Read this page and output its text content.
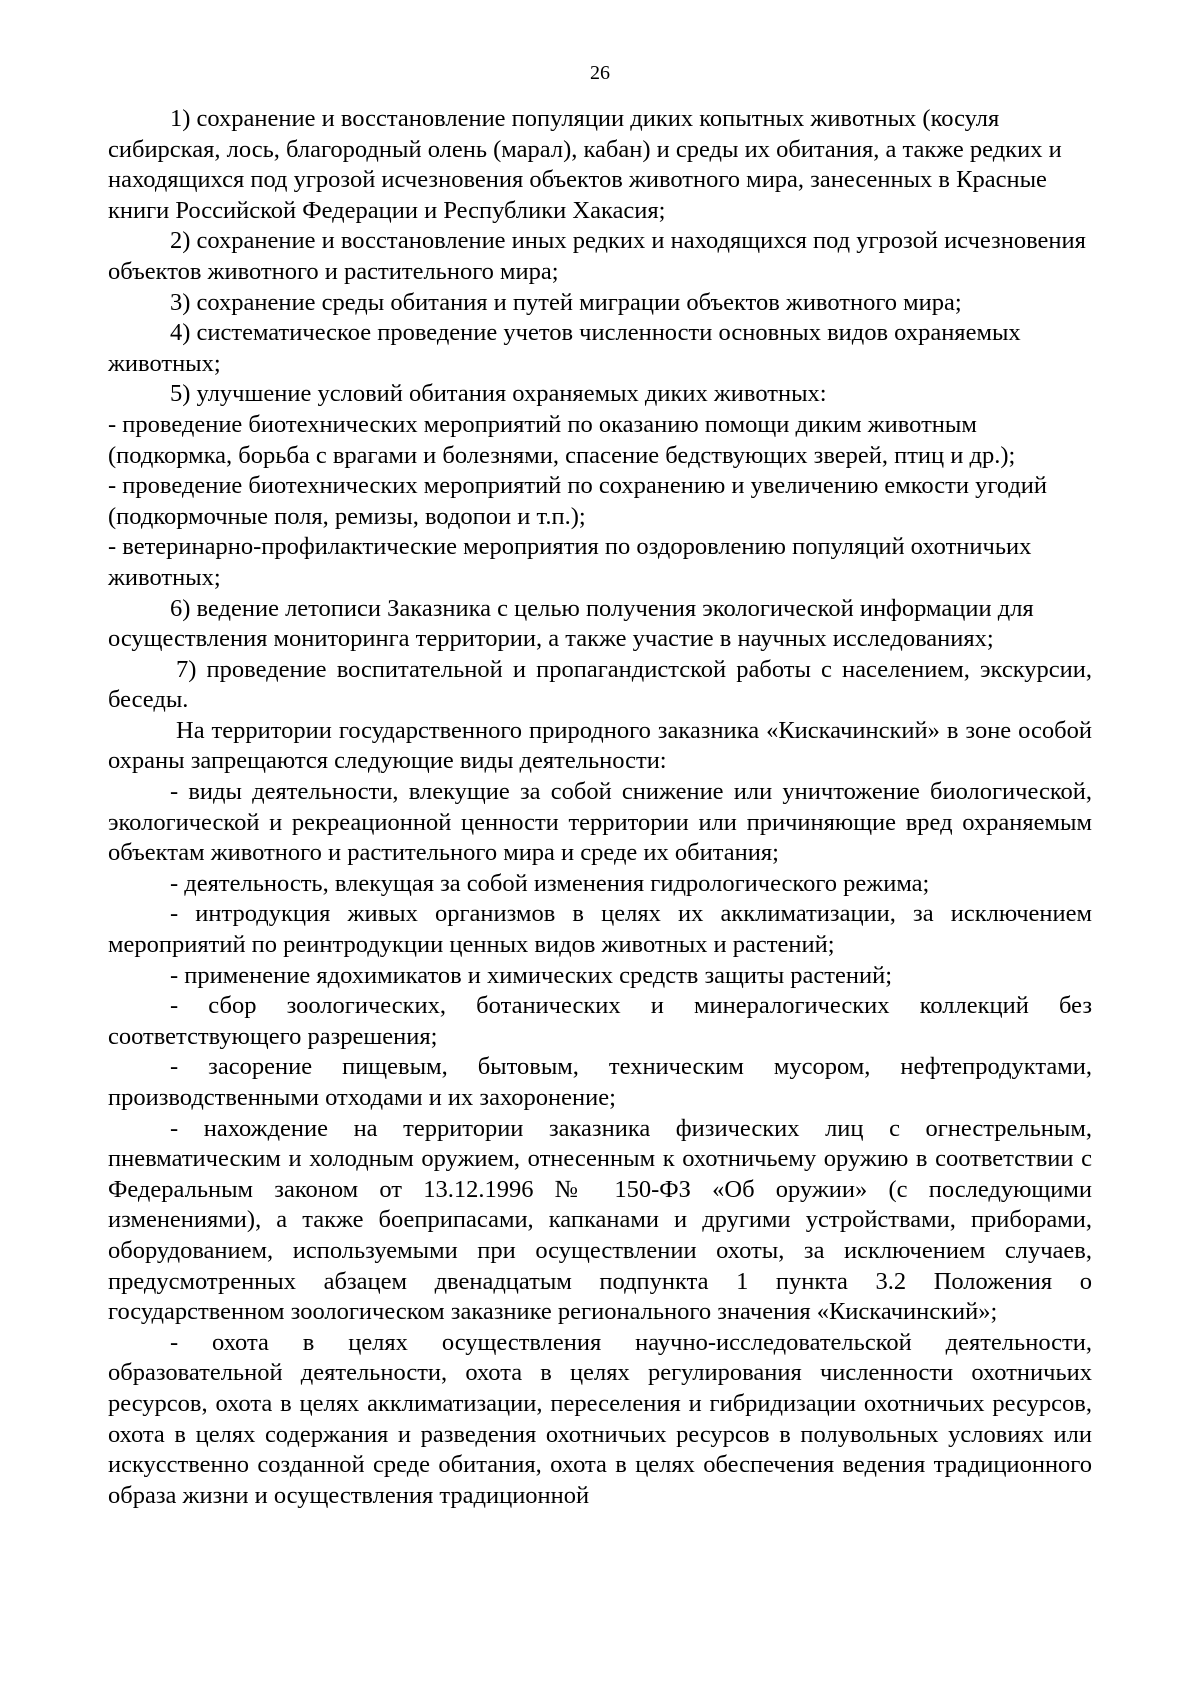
26

1) сохранение и восстановление популяции диких копытных животных (косуля сибирская, лось, благородный олень (марал), кабан) и среды их обитания, а также редких и находящихся под угрозой исчезновения объектов животного мира, занесенных в Красные книги Российской Федерации и Республики Хакасия;

2) сохранение и восстановление иных редких и находящихся под угрозой исчезновения объектов животного и растительного мира;

3) сохранение среды обитания и путей миграции объектов животного мира;

4) систематическое проведение учетов численности основных видов охраняемых животных;

5) улучшение условий обитания охраняемых диких животных:

- проведение биотехнических мероприятий по оказанию помощи диким животным (подкормка, борьба с врагами и болезнями, спасение бедствующих зверей, птиц и др.);

- проведение биотехнических мероприятий по сохранению и увеличению емкости угодий (подкормочные поля, ремизы, водопои и т.п.);

- ветеринарно-профилактические мероприятия по оздоровлению популяций охотничьих животных;

6) ведение летописи Заказника с целью получения экологической информации для осуществления мониторинга территории, а также участие в научных исследованиях;

7) проведение воспитательной и пропагандистской работы с населением, экскурсии, беседы.

На территории государственного природного заказника «Кискачинский» в зоне особой охраны запрещаются следующие виды деятельности:

- виды деятельности, влекущие за собой снижение или уничтожение биологической, экологической и рекреационной ценности территории или причиняющие вред охраняемым объектам животного и растительного мира и среде их обитания;

- деятельность, влекущая за собой изменения гидрологического режима;

- интродукция живых организмов в целях их акклиматизации, за исключением мероприятий по реинтродукции ценных видов животных и растений;

- применение ядохимикатов и химических средств защиты растений;

- сбор зоологических, ботанических и минералогических коллекций без соответствующего разрешения;

- засорение пищевым, бытовым, техническим мусором, нефтепродуктами, производственными отходами и их захоронение;

- нахождение на территории заказника физических лиц с огнестрельным, пневматическим и холодным оружием, отнесенным к охотничьему оружию в соответствии с Федеральным законом от 13.12.1996 № 150-ФЗ «Об оружии» (с последующими изменениями), а также боеприпасами, капканами и другими устройствами, приборами, оборудованием, используемыми при осуществлении охоты, за исключением случаев, предусмотренных абзацем двенадцатым подпункта 1 пункта 3.2 Положения о государственном зоологическом заказнике регионального значения «Кискачинский»;

- охота в целях осуществления научно-исследовательской деятельности, образовательной деятельности, охота в целях регулирования численности охотничьих ресурсов, охота в целях акклиматизации, переселения и гибридизации охотничьих ресурсов, охота в целях содержания и разведения охотничьих ресурсов в полувольных условиях или искусственно созданной среде обитания, охота в целях обеспечения ведения традиционного образа жизни и осуществления традиционной
